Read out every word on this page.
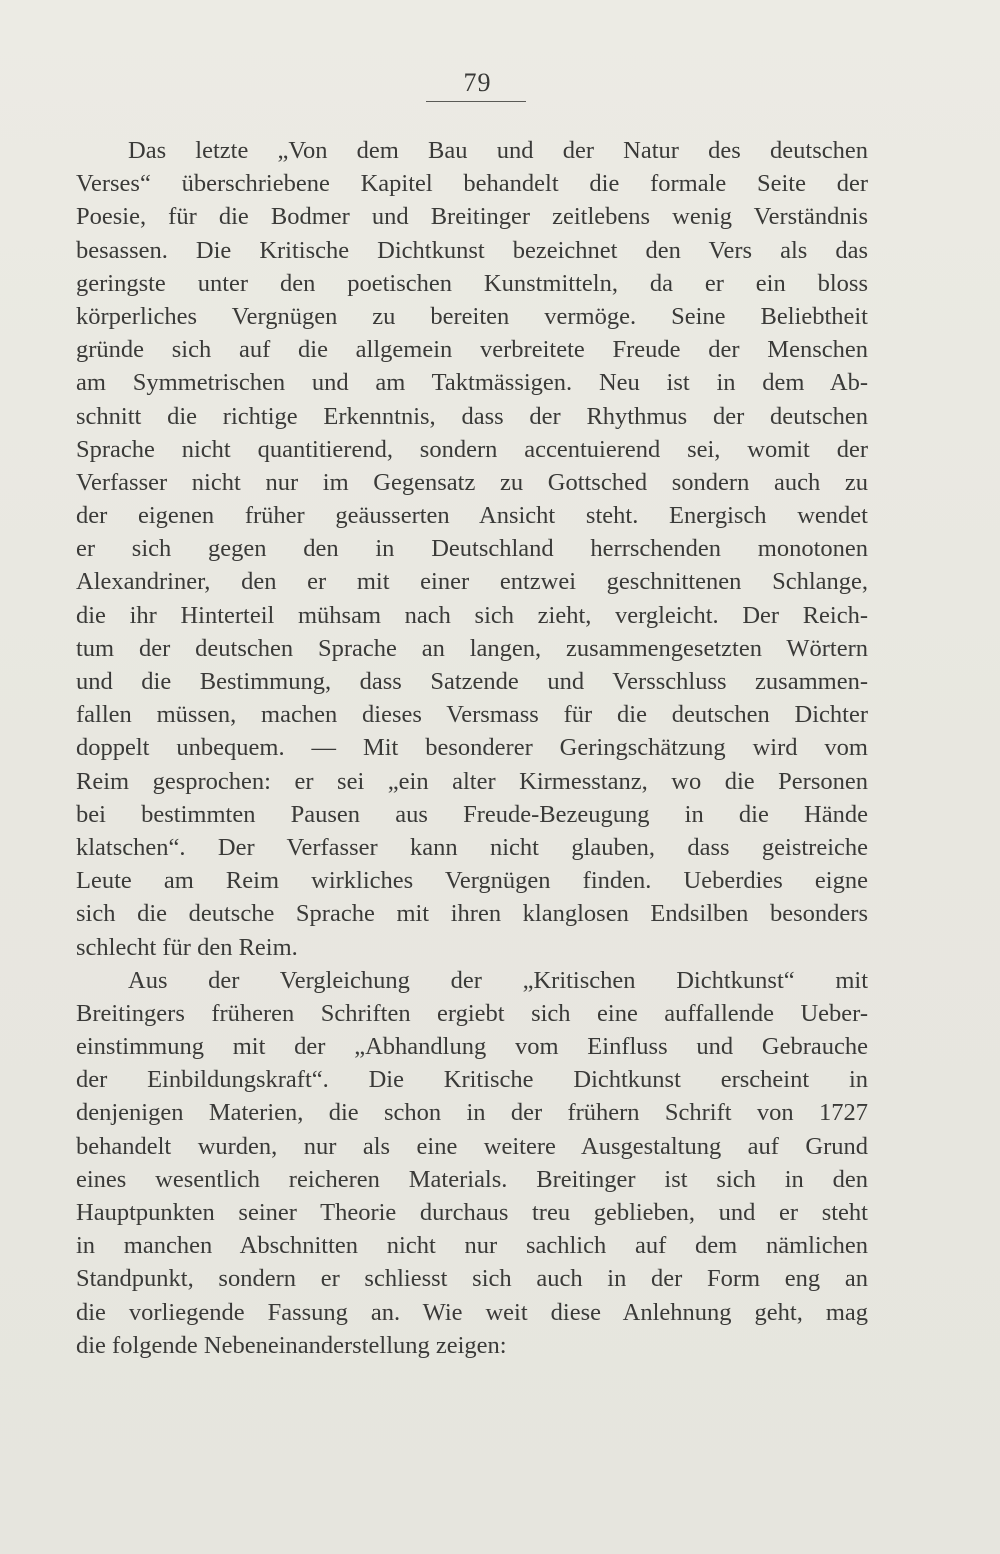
79
Das letzte „Von dem Bau und der Natur des deutschen
Verses“ überschriebene Kapitel behandelt die formale Seite der
Poesie, für die Bodmer und Breitinger zeitlebens wenig Verständnis
besassen. Die Kritische Dichtkunst bezeichnet den Vers als das
geringste unter den poetischen Kunstmitteln, da er ein bloss
körperliches Vergnügen zu bereiten vermöge. Seine Beliebtheit
gründe sich auf die allgemein verbreitete Freude der Menschen
am Symmetrischen und am Taktmässigen. Neu ist in dem Ab-
schnitt die richtige Erkenntnis, dass der Rhythmus der deutschen
Sprache nicht quantitierend, sondern accentuierend sei, womit der
Verfasser nicht nur im Gegensatz zu Gottsched sondern auch zu
der eigenen früher geäusserten Ansicht steht. Energisch wendet
er sich gegen den in Deutschland herrschenden monotonen
Alexandriner, den er mit einer entzwei geschnittenen Schlange,
die ihr Hinterteil mühsam nach sich zieht, vergleicht. Der Reich-
tum der deutschen Sprache an langen, zusammengesetzten Wörtern
und die Bestimmung, dass Satzende und Versschluss zusammen-
fallen müssen, machen dieses Versmass für die deutschen Dichter
doppelt unbequem. — Mit besonderer Geringschätzung wird vom
Reim gesprochen: er sei „ein alter Kirmesstanz, wo die Personen
bei bestimmten Pausen aus Freude-Bezeugung in die Hände
klatschen“. Der Verfasser kann nicht glauben, dass geistreiche
Leute am Reim wirkliches Vergnügen finden. Ueberdies eigne
sich die deutsche Sprache mit ihren klanglosen Endsilben besonders
schlecht für den Reim.
Aus der Vergleichung der „Kritischen Dichtkunst“ mit
Breitingers früheren Schriften ergiebt sich eine auffallende Ueber-
einstimmung mit der „Abhandlung vom Einfluss und Gebrauche
der Einbildungskraft“. Die Kritische Dichtkunst erscheint in
denjenigen Materien, die schon in der frühern Schrift von 1727
behandelt wurden, nur als eine weitere Ausgestaltung auf Grund
eines wesentlich reicheren Materials. Breitinger ist sich in den
Hauptpunkten seiner Theorie durchaus treu geblieben, und er steht
in manchen Abschnitten nicht nur sachlich auf dem nämlichen
Standpunkt, sondern er schliesst sich auch in der Form eng an
die vorliegende Fassung an. Wie weit diese Anlehnung geht, mag
die folgende Nebeneinanderstellung zeigen:
